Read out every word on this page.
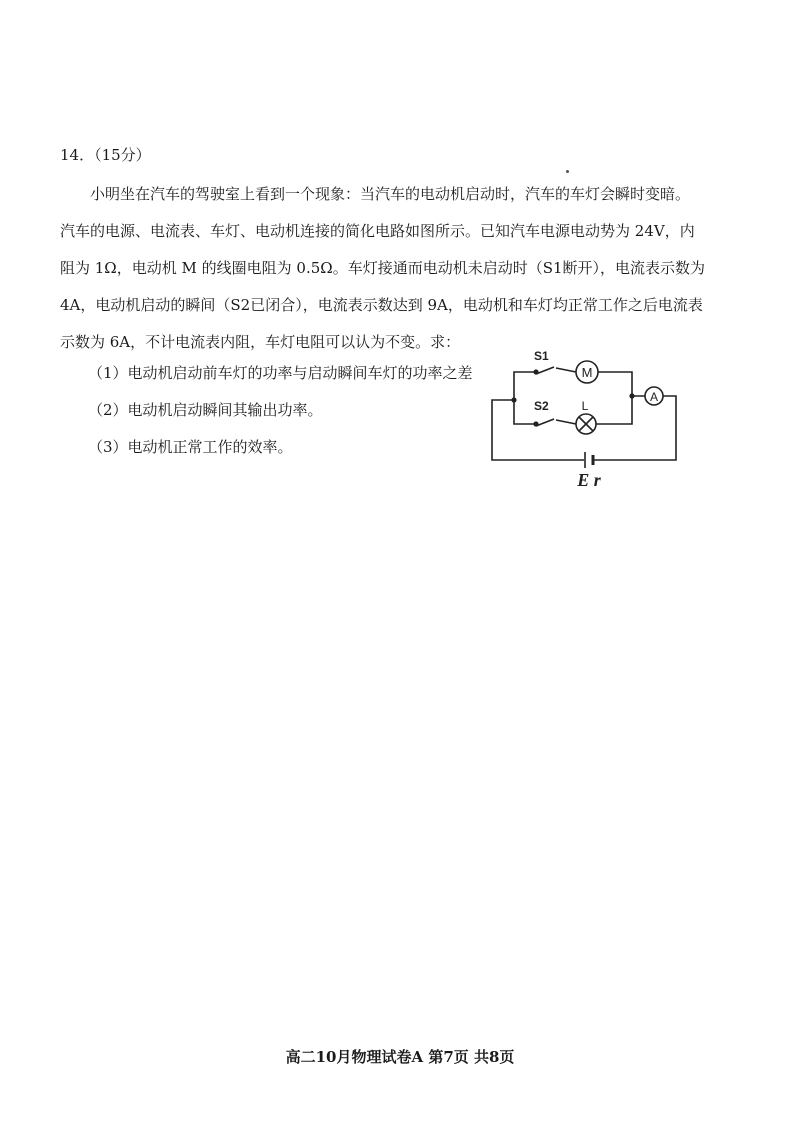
14．（15分）

小明坐在汽车的驾驶室上看到一个现象：当汽车的电动机启动时，汽车的车灯会瞬时变暗。

汽车的电源、电流表、车灯、电动机连接的简化电路如图所示。已知汽车电源电动势为 24V，内

阻为 1Ω，电动机 M 的线圈电阻为 0.5Ω。车灯接通而电动机未启动时（S1断开），电流表示数为

4A，电动机启动的瞬间（S2已闭合），电流表示数达到 9A，电动机和车灯均正常工作之后电流表

示数为 6A，不计电流表内阻，车灯电阻可以认为不变。求：

（1）电动机启动前车灯的功率与启动瞬间车灯的功率之差
（2）电动机启动瞬间其输出功率。
（3）电动机正常工作的效率。
M
L
A
S1
S2
E r
高二10月物理试卷A 第7页 共8页
